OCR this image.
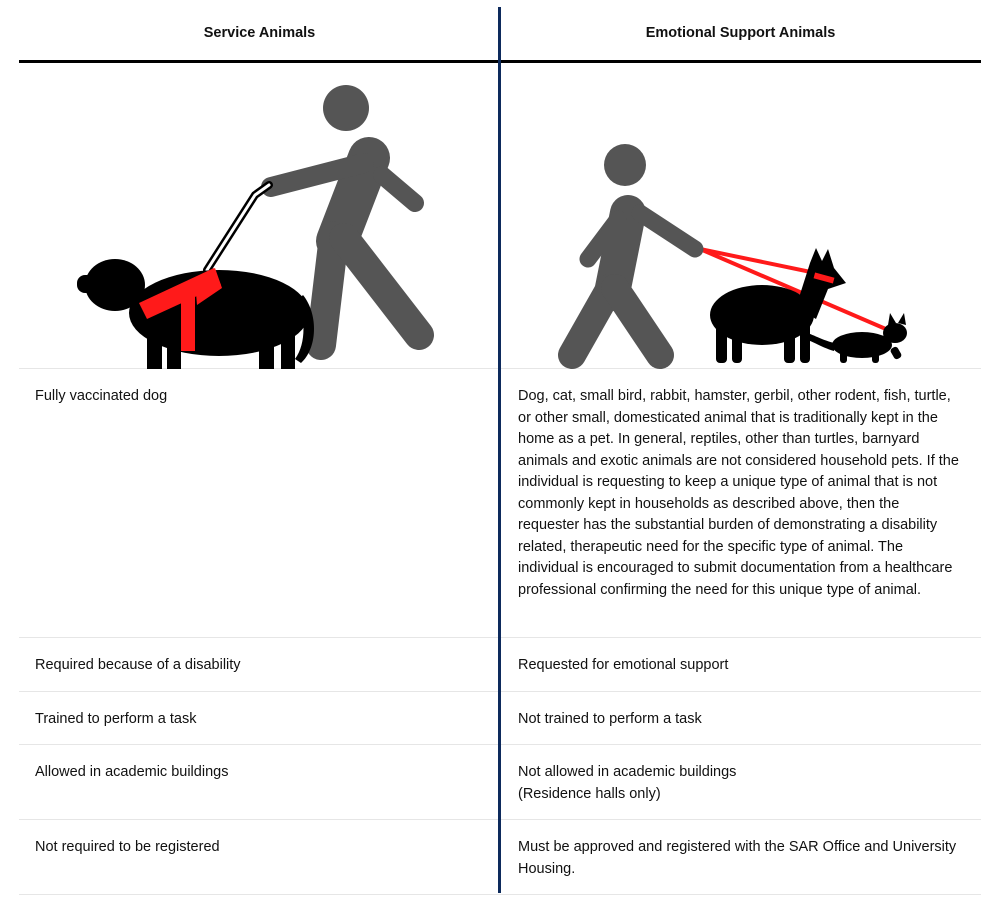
Service Animals	Emotional Support Animals
Fully vaccinated dog	Dog, cat, small bird, rabbit, hamster, gerbil, other rodent, fish, turtle, or other small, domesticated animal that is traditionally kept in the home as a pet. In general, reptiles, other than turtles, barnyard animals and exotic animals are not considered household pets. If the individual is requesting to keep a unique type of animal that is not commonly kept in households as described above, then the requester has the substantial burden of demonstrating a disability related, therapeutic need for the specific type of animal. The individual is encouraged to submit documentation from a healthcare professional confirming the need for this unique type of animal.
Required because of a disability	Requested for emotional support
Trained to perform a task	Not trained to perform a task
Allowed in academic buildings	Not allowed in academic buildings
(Residence halls only)
Not required to be registered	Must be approved and registered with the SAR Office and University Housing.
